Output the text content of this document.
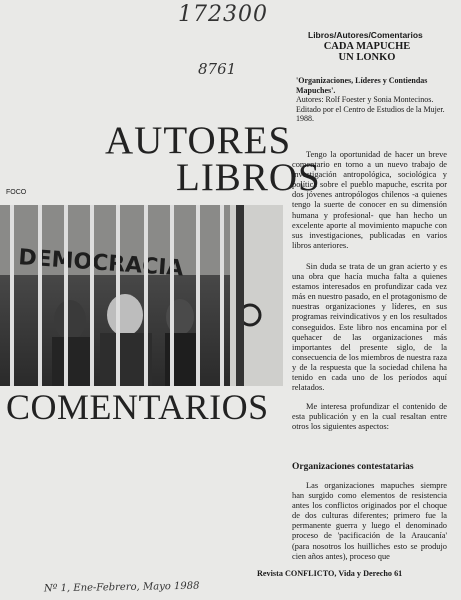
172300
8761
Libros/Autores/Comentarios
CADA MAPUCHE
UN LONKO
'Organizaciones, Líderes y Contiendas Mapuches'.
Autores: Rolf Foester y Sonia Montecinos.
Editado por el Centro de Estudios de la Mujer. 1988.
AUTORES
LIBROS
FOCO
DEMOCRACIA
COMENTARIOS

Tengo la oportunidad de hacer un breve comentario en torno a un nuevo trabajo de investigación antropológica, sociológica y política sobre el pueblo mapuche, escrita por dos jóvenes antropólogos chilenos -a quienes tengo la suerte de conocer en su dimensión humana y profesional- que han hecho un excelente aporte al movimiento mapuche con sus investigaciones, publicadas en varios libros anteriores.

Sin duda se trata de un gran acierto y es una obra que hacía mucha falta a quienes estamos interesados en profundizar cada vez más en nuestro pasado, en el protagonismo de nuestras organizaciones y líderes, en sus programas reivindicativos y en los resultados conseguidos. Este libro nos encamina por el quehacer de las organizaciones más importantes del presente siglo, de la consecuencia de los miembros de nuestra raza y de la respuesta que la sociedad chilena ha tenido en cada uno de los períodos aquí relatados.

Me interesa profundizar el contenido de esta publicación y en la cual resaltan entre otros los siguientes aspectos:

Organizaciones contestatarias

Las organizaciones mapuches siempre han surgido como elementos de resistencia antes los conflictos originados por el choque de dos culturas diferentes; primero fue la permanente guerra y luego el denominado proceso de 'pacificación de la Araucanía' (para nosotros los huilliches esto se produjo cien años antes), proceso que

Nº 1, Ene-Febrero, Mayo 1988
Revista CONFLICTO, Vida y Derecho 61
